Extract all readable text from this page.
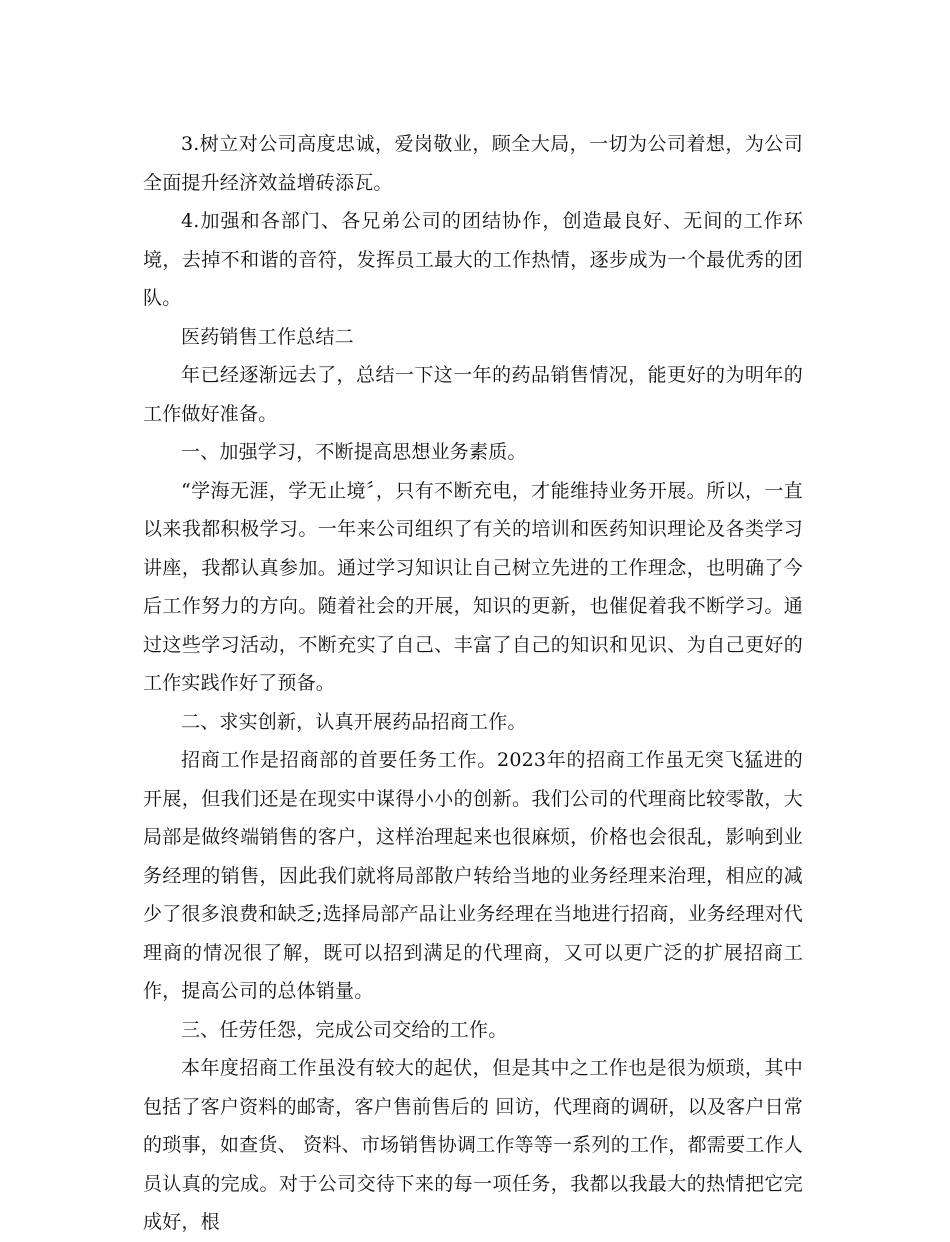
3.树立对公司高度忠诚，爱岗敬业，顾全大局，一切为公司着想，为公司全面提升经济效益增砖添瓦。

4.加强和各部门、各兄弟公司的团结协作，创造最良好、无间的工作环境，去掉不和谐的音符，发挥员工最大的工作热情，逐步成为一个最优秀的团队。

医药销售工作总结二

年已经逐渐远去了，总结一下这一年的药品销售情况，能更好的为明年的工作做好准备。

一、加强学习，不断提高思想业务素质。

“学海无涯，学无止境〞，只有不断充电，才能维持业务开展。所以，一直以来我都积极学习。一年来公司组织了有关的培训和医药知识理论及各类学习讲座，我都认真参加。通过学习知识让自己树立先进的工作理念，也明确了今后工作努力的方向。随着社会的开展，知识的更新，也催促着我不断学习。通过这些学习活动，不断充实了自己、丰富了自己的知识和见识、为自己更好的工作实践作好了预备。

二、求实创新，认真开展药品招商工作。

招商工作是招商部的首要任务工作。2023年的招商工作虽无突飞猛进的开展，但我们还是在现实中谋得小小的创新。我们公司的代理商比较零散，大局部是做终端销售的客户，这样治理起来也很麻烦，价格也会很乱，影响到业务经理的销售，因此我们就将局部散户转给当地的业务经理来治理，相应的减少了很多浪费和缺乏;选择局部产品让业务经理在当地进行招商，业务经理对代理商的情况很了解，既可以招到满足的代理商，又可以更广泛的扩展招商工作，提高公司的总体销量。

三、任劳任怨，完成公司交给的工作。

本年度招商工作虽没有较大的起伏，但是其中之工作也是很为烦琐，其中包括了客户资料的邮寄，客户售前售后的 回访，代理商的调研，以及客户日常的琐事，如查货、 资料、市场销售协调工作等等一系列的工作，都需要工作人员认真的完成。对于公司交待下来的每一项任务，我都以我最大的热情把它完成好，根
